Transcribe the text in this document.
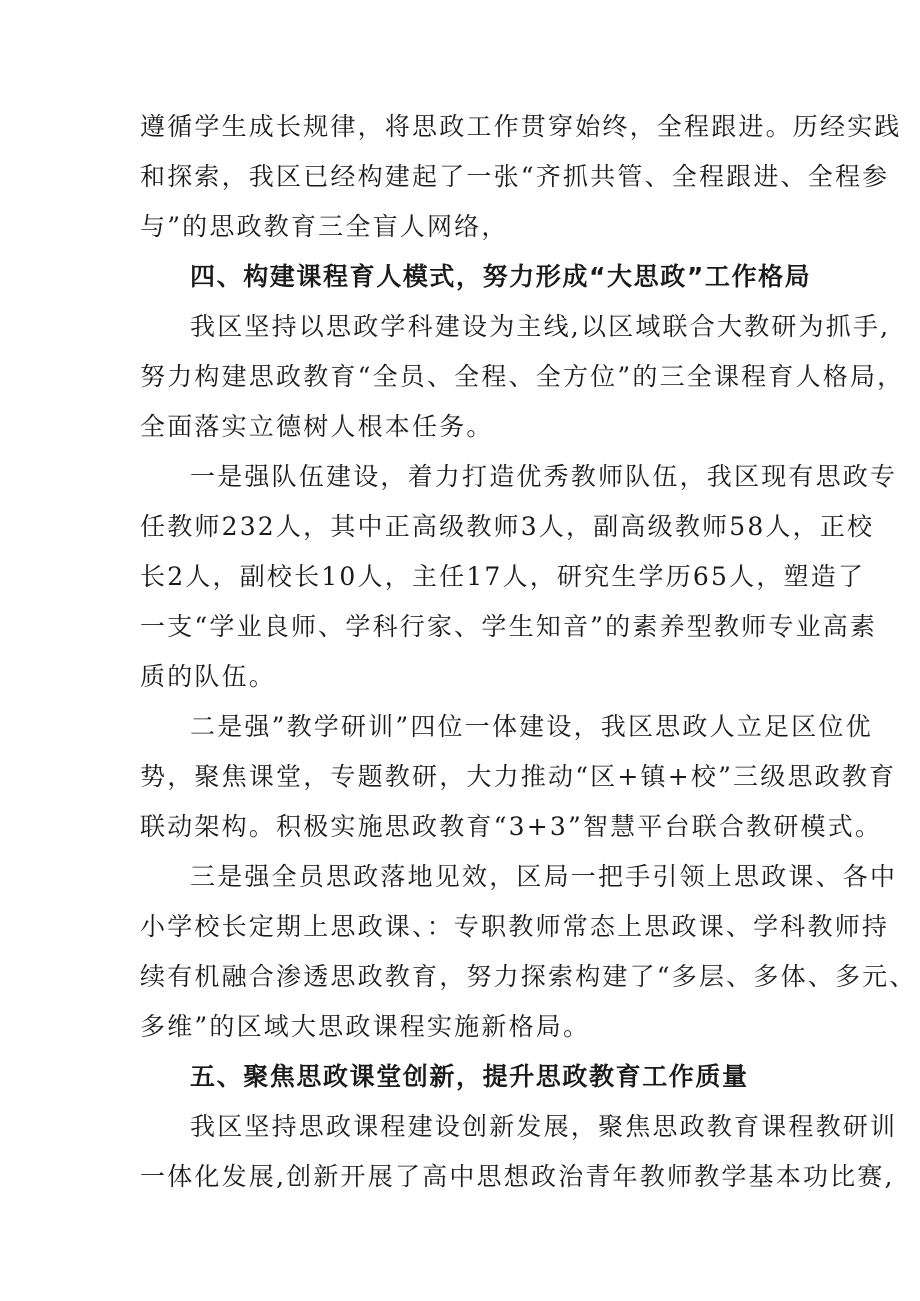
遵循学生成长规律，将思政工作贯穿始终，全程跟进。历经实践
和探索，我区已经构建起了一张“齐抓共管、全程跟进、全程参
与”的思政教育三全盲人网络，
四、构建课程育人模式，努力形成“大思政”工作格局
我区坚持以思政学科建设为主线,以区域联合大教研为抓手,
努力构建思政教育“全员、全程、全方位”的三全课程育人格局，
全面落实立德树人根本任务。
一是强队伍建设，着力打造优秀教师队伍，我区现有思政专
任教师232人，其中正高级教师3人，副高级教师58人，正校
长2人，副校长10人，主任17人，研究生学历65人，塑造了
一支“学业良师、学科行家、学生知音”的素养型教师专业高素
质的队伍。
二是强”教学研训”四位一体建设，我区思政人立足区位优
势，聚焦课堂，专题教研，大力推动“区+镇+校”三级思政教育
联动架构。积极实施思政教育“3+3”智慧平台联合教研模式。
三是强全员思政落地见效，区局一把手引领上思政课、各中
小学校长定期上思政课、：专职教师常态上思政课、学科教师持
续有机融合渗透思政教育，努力探索构建了“多层、多体、多元、
多维”的区域大思政课程实施新格局。
五、聚焦思政课堂创新，提升思政教育工作质量
我区坚持思政课程建设创新发展，聚焦思政教育课程教研训
一体化发展,创新开展了高中思想政治青年教师教学基本功比赛,
